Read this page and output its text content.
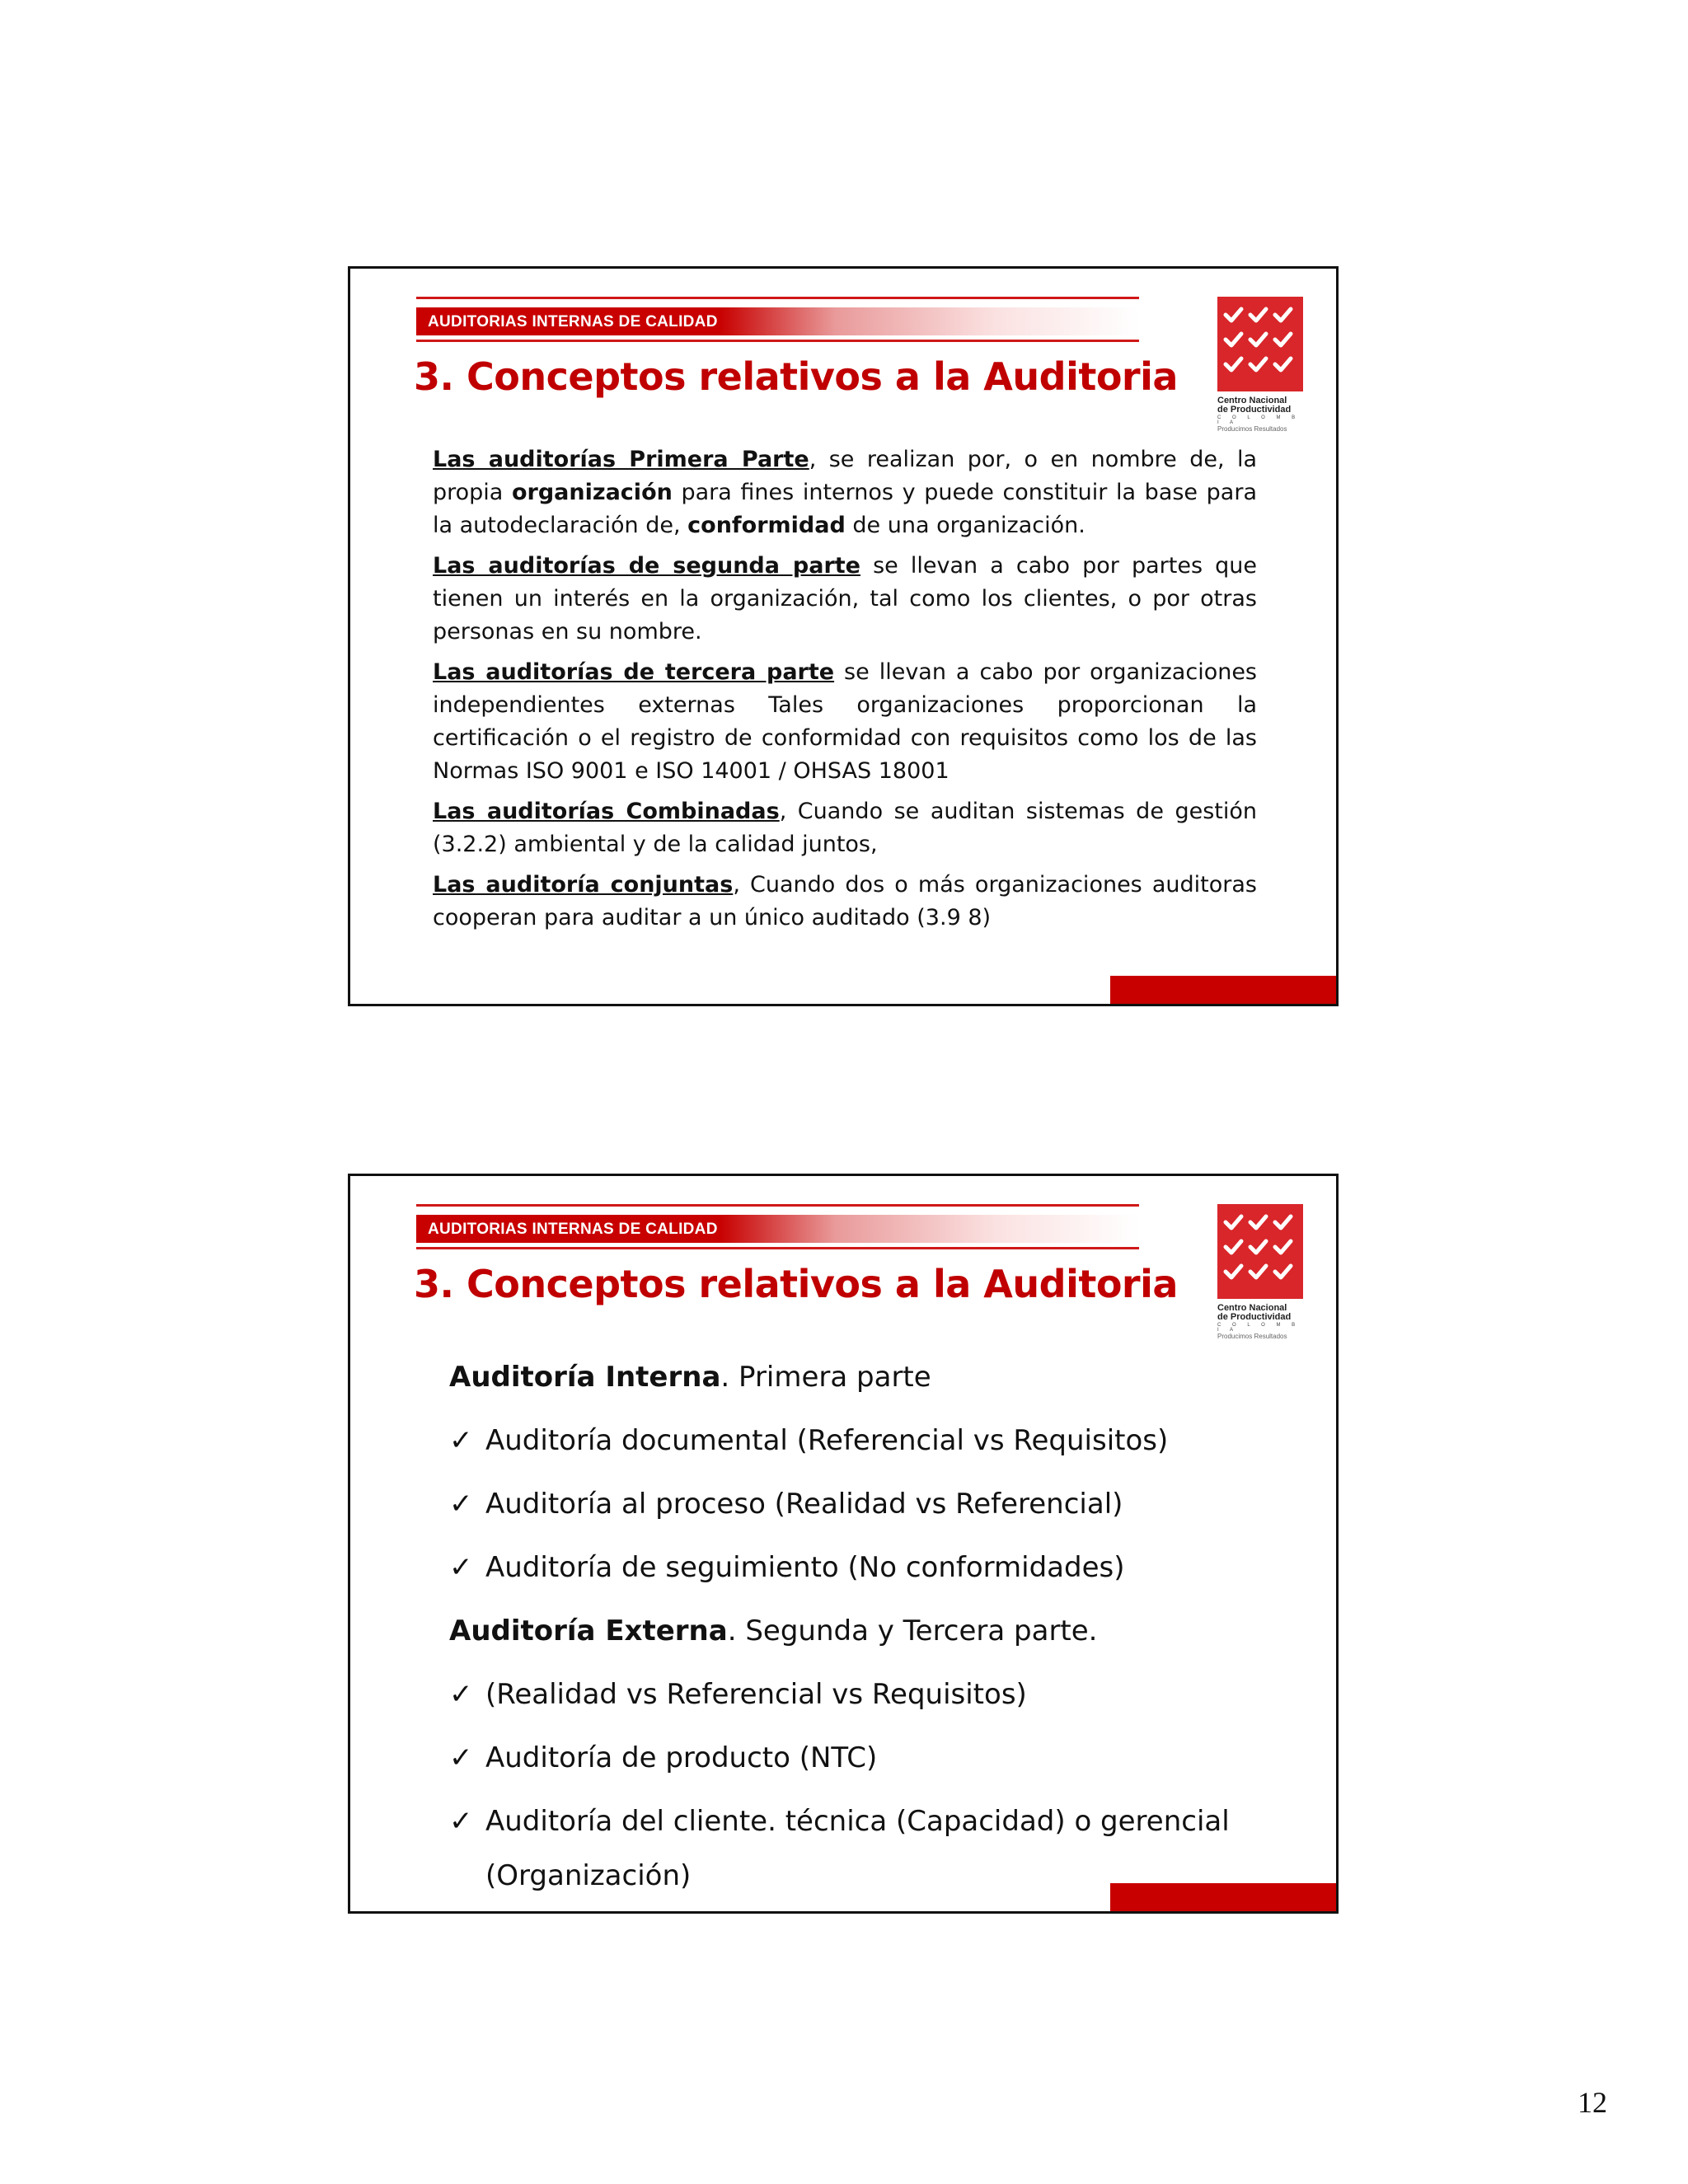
AUDITORIAS INTERNAS DE CALIDAD
3. Conceptos relativos a la Auditoria
Centro Nacional
de Productividad
C O L O M B I A
Producimos Resultados

Las auditorías Primera Parte, se realizan por, o en nombre de, la propia organización para fines internos y puede constituir la base para la autodeclaración de, conformidad de una organización.

Las auditorías de segunda parte se llevan a cabo por partes que tienen un interés en la organización, tal como los clientes, o por otras personas en su nombre.

Las auditorías de tercera parte se llevan a cabo por organizaciones independientes externas Tales organizaciones proporcionan la certificación o el registro de conformidad con requisitos como los de las Normas ISO 9001 e ISO 14001 / OHSAS 18001

Las auditorías Combinadas, Cuando se auditan sistemas de gestión (3.2.2) ambiental y de la calidad juntos,

Las auditoría conjuntas, Cuando dos o más organizaciones auditoras cooperan para auditar a un único auditado (3.9 8)

AUDITORIAS INTERNAS DE CALIDAD
3. Conceptos relativos a la Auditoria
Centro Nacional
de Productividad
C O L O M B I A
Producimos Resultados
Auditoría Interna. Primera parte
✓ Auditoría documental (Referencial vs Requisitos)
✓ Auditoría al proceso (Realidad vs Referencial)
✓ Auditoría de seguimiento (No conformidades)
Auditoría Externa. Segunda y Tercera parte.
✓ (Realidad vs Referencial vs Requisitos)
✓ Auditoría de producto (NTC)
✓ Auditoría del cliente. técnica (Capacidad) o gerencial
(Organización)
12
